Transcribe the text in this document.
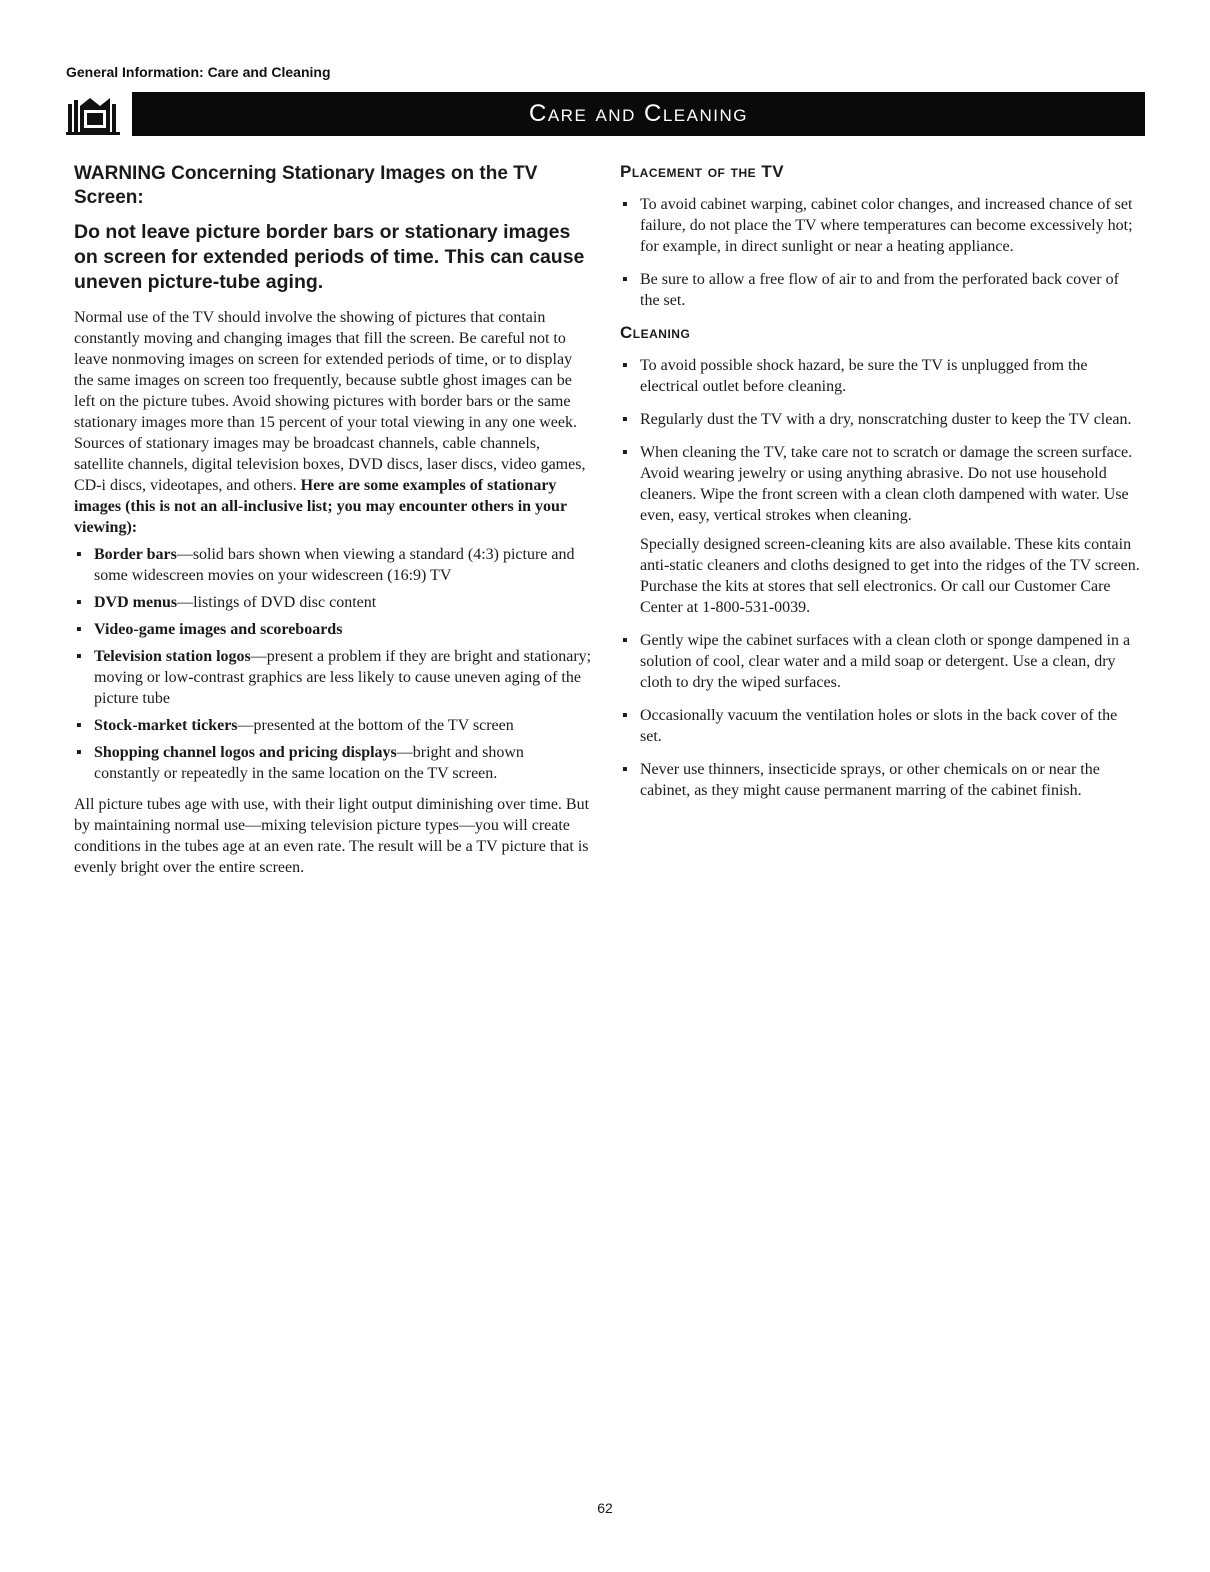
General Information: Care and Cleaning
Care and Cleaning
WARNING Concerning Stationary Images on the TV Screen:
Do not leave picture border bars or stationary images on screen for extended periods of time. This can cause uneven picture-tube aging.

Normal use of the TV should involve the showing of pictures that contain constantly moving and changing images that fill the screen. Be careful not to leave nonmoving images on screen for extended periods of time, or to display the same images on screen too frequently, because subtle ghost images can be left on the picture tubes. Avoid showing pictures with border bars or the same stationary images more than 15 percent of your total viewing in any one week. Sources of stationary images may be broadcast channels, cable channels, satellite channels, digital television boxes, DVD discs, laser discs, video games, CD-i discs, videotapes, and others. Here are some examples of stationary images (this is not an all-inclusive list; you may encounter others in your viewing):

▪ Border bars—solid bars shown when viewing a standard (4:3) picture and some widescreen movies on your widescreen (16:9) TV
▪ DVD menus—listings of DVD disc content
▪ Video-game images and scoreboards
▪ Television station logos—present a problem if they are bright and stationary; moving or low-contrast graphics are less likely to cause uneven aging of the picture tube
▪ Stock-market tickers—presented at the bottom of the TV screen
▪ Shopping channel logos and pricing displays—bright and shown constantly or repeatedly in the same location on the TV screen.

All picture tubes age with use, with their light output diminishing over time. But by maintaining normal use—mixing television picture types—you will create conditions in the tubes age at an even rate. The result will be a TV picture that is evenly bright over the entire screen.

Placement of the TV
▪ To avoid cabinet warping, cabinet color changes, and increased chance of set failure, do not place the TV where temperatures can become excessively hot; for example, in direct sunlight or near a heating appliance.
▪ Be sure to allow a free flow of air to and from the perforated back cover of the set.
Cleaning
▪ To avoid possible shock hazard, be sure the TV is unplugged from the electrical outlet before cleaning.
▪ Regularly dust the TV with a dry, nonscratching duster to keep the TV clean.
▪ When cleaning the TV, take care not to scratch or damage the screen surface. Avoid wearing jewelry or using anything abrasive. Do not use household cleaners. Wipe the front screen with a clean cloth dampened with water. Use even, easy, vertical strokes when cleaning.

Specially designed screen-cleaning kits are also available. These kits contain anti-static cleaners and cloths designed to get into the ridges of the TV screen. Purchase the kits at stores that sell electronics. Or call our Customer Care Center at 1-800-531-0039.

▪ Gently wipe the cabinet surfaces with a clean cloth or sponge dampened in a solution of cool, clear water and a mild soap or detergent. Use a clean, dry cloth to dry the wiped surfaces.
▪ Occasionally vacuum the ventilation holes or slots in the back cover of the set.
▪ Never use thinners, insecticide sprays, or other chemicals on or near the cabinet, as they might cause permanent marring of the cabinet finish.
62
